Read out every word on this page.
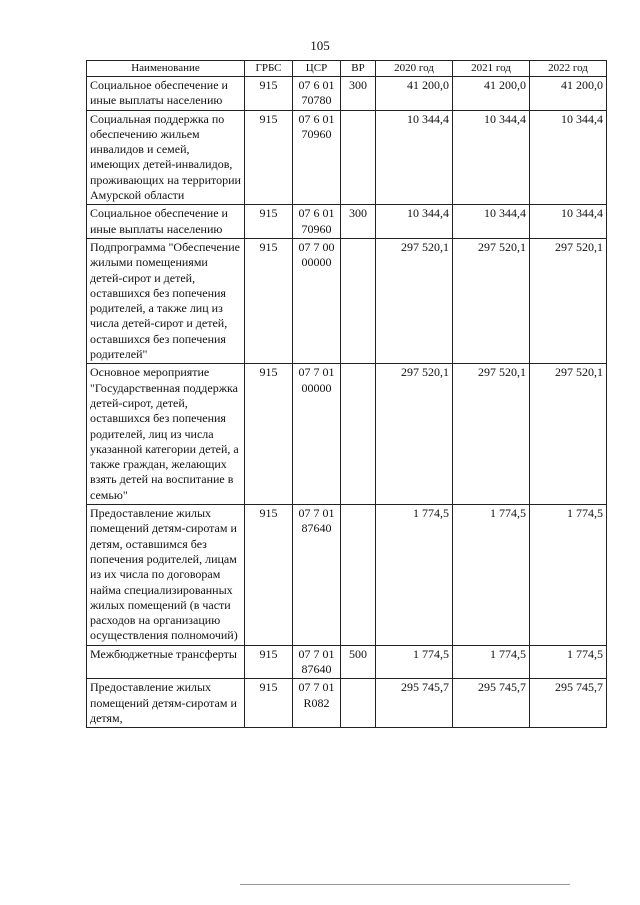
105
Наименование	ГРБС	ЦСР	ВР	2020 год	2021 год	2022 год
Социальное обеспечение и иные выплаты населению	915	07 6 01 70780	300	41 200,0	41 200,0	41 200,0
Социальная поддержка по обеспечению жильем инвалидов и семей, имеющих детей-инвалидов, проживающих на территории Амурской области	915	07 6 01 70960		10 344,4	10 344,4	10 344,4
Социальное обеспечение и иные выплаты населению	915	07 6 01 70960	300	10 344,4	10 344,4	10 344,4
Подпрограмма "Обеспечение жилыми помещениями детей-сирот и детей, оставшихся без попечения родителей, а также лиц из числа детей-сирот и детей, оставшихся без попечения родителей"	915	07 7 00 00000		297 520,1	297 520,1	297 520,1
Основное мероприятие "Государственная поддержка детей-сирот, детей, оставшихся без попечения родителей, лиц из числа указанной категории детей, а также граждан, желающих взять детей на воспитание в семью"	915	07 7 01 00000		297 520,1	297 520,1	297 520,1
Предоставление жилых помещений детям-сиротам и детям, оставшимся без попечения родителей, лицам из их числа по договорам найма специализированных жилых помещений (в части расходов на организацию осуществления полномочий)	915	07 7 01 87640		1 774,5	1 774,5	1 774,5
Межбюджетные трансферты	915	07 7 01 87640	500	1 774,5	1 774,5	1 774,5
Предоставление жилых помещений детям-сиротам и детям,	915	07 7 01 R082		295 745,7	295 745,7	295 745,7
